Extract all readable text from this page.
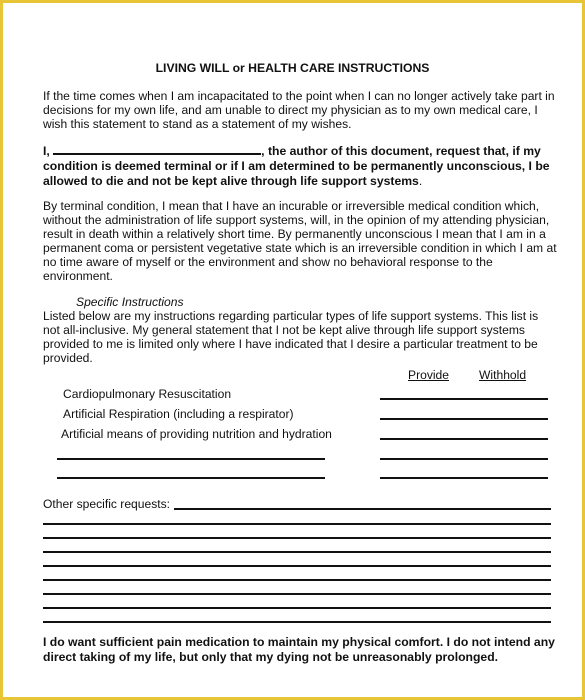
LIVING WILL or HEALTH CARE INSTRUCTIONS

If the time comes when I am incapacitated to the point when I can no longer actively take part in decisions for my own life, and am unable to direct my physician as to my own medical care, I wish this statement to stand as a statement of my wishes.

I,	, the author of this document, request that, if my condition is deemed terminal or if I am determined to be permanently unconscious, I be allowed to die and not be kept alive through life support systems.

By terminal condition, I mean that I have an incurable or irreversible medical condition which, without the administration of life support systems, will, in the opinion of my attending physician, result in death within a relatively short time. By permanently unconscious I mean that I am in a permanent coma or persistent vegetative state which is an irreversible condition in which I am at no time aware of myself or the environment and show no behavioral response to the environment.

Specific Instructions

Listed below are my instructions regarding particular types of life support systems. This list is not all-inclusive. My general statement that I not be kept alive through life support systems provided to me is limited only where I have indicated that I desire a particular treatment to be provided.

Provide Withhold
Cardiopulmonary Resuscitation
Artificial Respiration (including a respirator)
Artificial means of providing nutrition and hydration
Other specific requests:

I do want sufficient pain medication to maintain my physical comfort. I do not intend any direct taking of my life, but only that my dying not be unreasonably prolonged.
